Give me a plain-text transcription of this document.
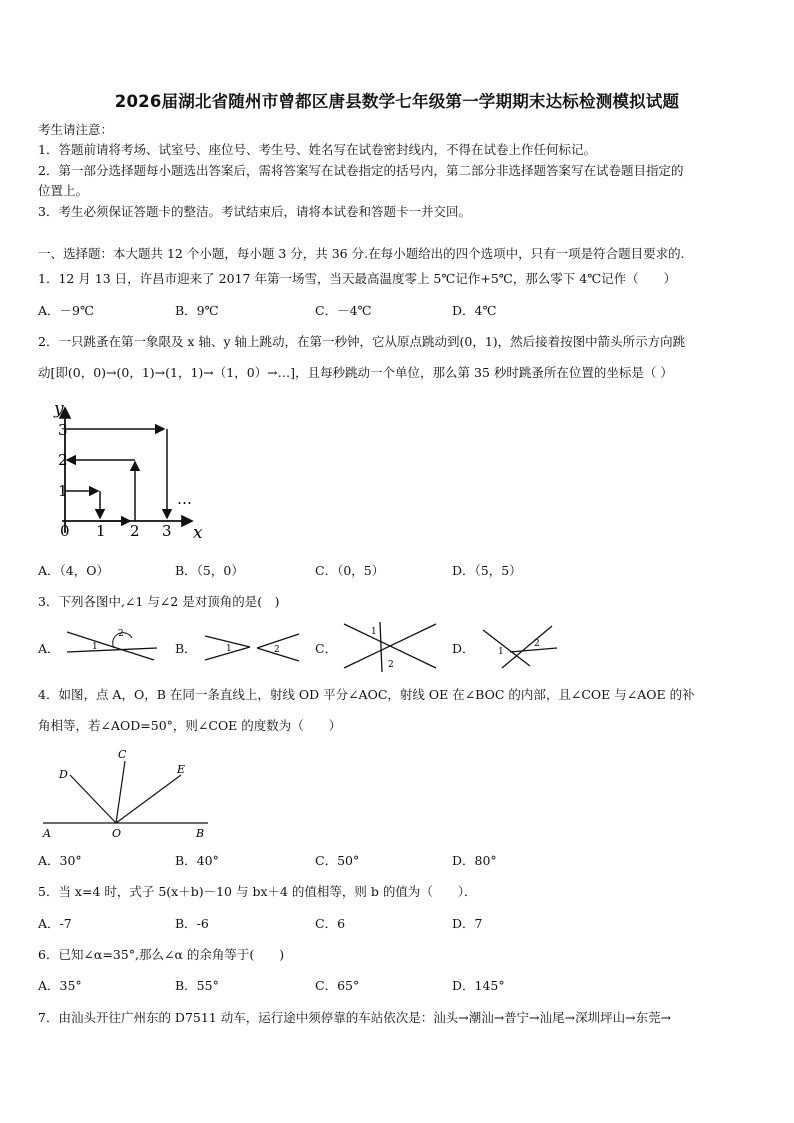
2026届湖北省随州市曾都区唐县数学七年级第一学期期末达标检测模拟试题
考生请注意：
1．答题前请将考场、试室号、座位号、考生号、姓名写在试卷密封线内，不得在试卷上作任何标记。
2．第一部分选择题每小题选出答案后，需将答案写在试卷指定的括号内，第二部分非选择题答案写在试卷题目指定的
位置上。
3．考生必须保证答题卡的整洁。考试结束后，请将本试卷和答题卡一并交回。
一、选择题：本大题共 12 个小题，每小题 3 分，共 36 分.在每小题给出的四个选项中，只有一项是符合题目要求的.
1．12 月 13 日，许昌市迎来了 2017 年第一场雪，当天最高温度零上 5℃记作+5℃，那么零下 4℃记作（　　）
A．－9℃	B．9℃	C．－4℃	D．4℃
2．一只跳蚤在第一象限及 x 轴、y 轴上跳动，在第一秒钟，它从原点跳动到(0，1)，然后接着按图中箭头所示方向跳
动[即(0，0)→(0，1)→(1，1)→（1，0）→…]，且每秒跳动一个单位，那么第 35 秒时跳蚤所在位置的坐标是（ ）
y
x
0 1 2 3
1
2
3
…
A．（4，O）	B．（5，0）	C．（0，5）	D．（5，5）
3．下列各图中,∠1 与∠2 是对顶角的是(　)
A．	1
2
B．	1	2	C．
1
2
D．	1
2
4．如图，点 A，O，B 在同一条直线上，射线 OD 平分∠AOC，射线 OE 在∠BOC 的内部，且∠COE 与∠AOE 的补
角相等，若∠AOD=50°，则∠COE 的度数为（　　）
A	O	B
C
D	E
A．30°	B．40°	C．50°	D．80°
5．当 x=4 时，式子 5(x＋b)－10 与 bx＋4 的值相等，则 b 的值为（　　）．
A．-7	B．-6	C．6	D．7
6．已知∠α=35°,那么∠α 的余角等于(　　)
A．35°	B．55°	C．65°	D．145°
7．由汕头开往广州东的 D7511 动车，运行途中须停靠的车站依次是：汕头→潮汕→普宁→汕尾→深圳坪山→东莞→
